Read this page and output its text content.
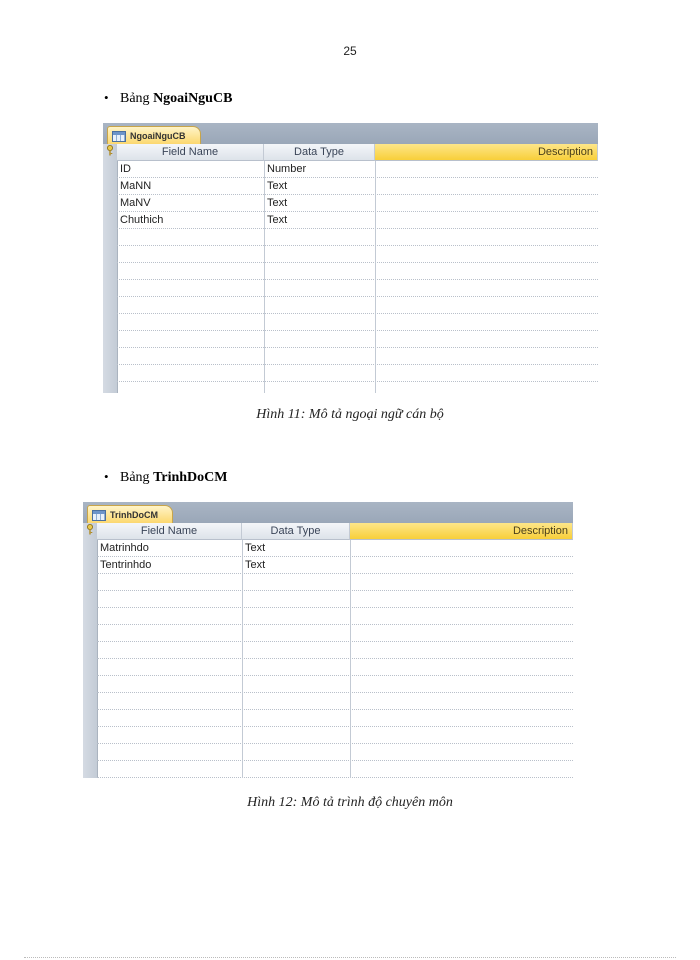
25
• Bảng NgoaiNguCB
NgoaiNguCB
Field Name	Data Type	Description
ID	Number
MaNN	Text
MaNV	Text
Chuthich	Text
Hình 11: Mô tả ngoại ngữ cán bộ
• Bảng TrinhDoCM
TrinhDoCM
Field Name	Data Type	Description
Matrinhdo	Text
Tentrinhdo	Text
Hình 12: Mô tả trình độ chuyên môn
